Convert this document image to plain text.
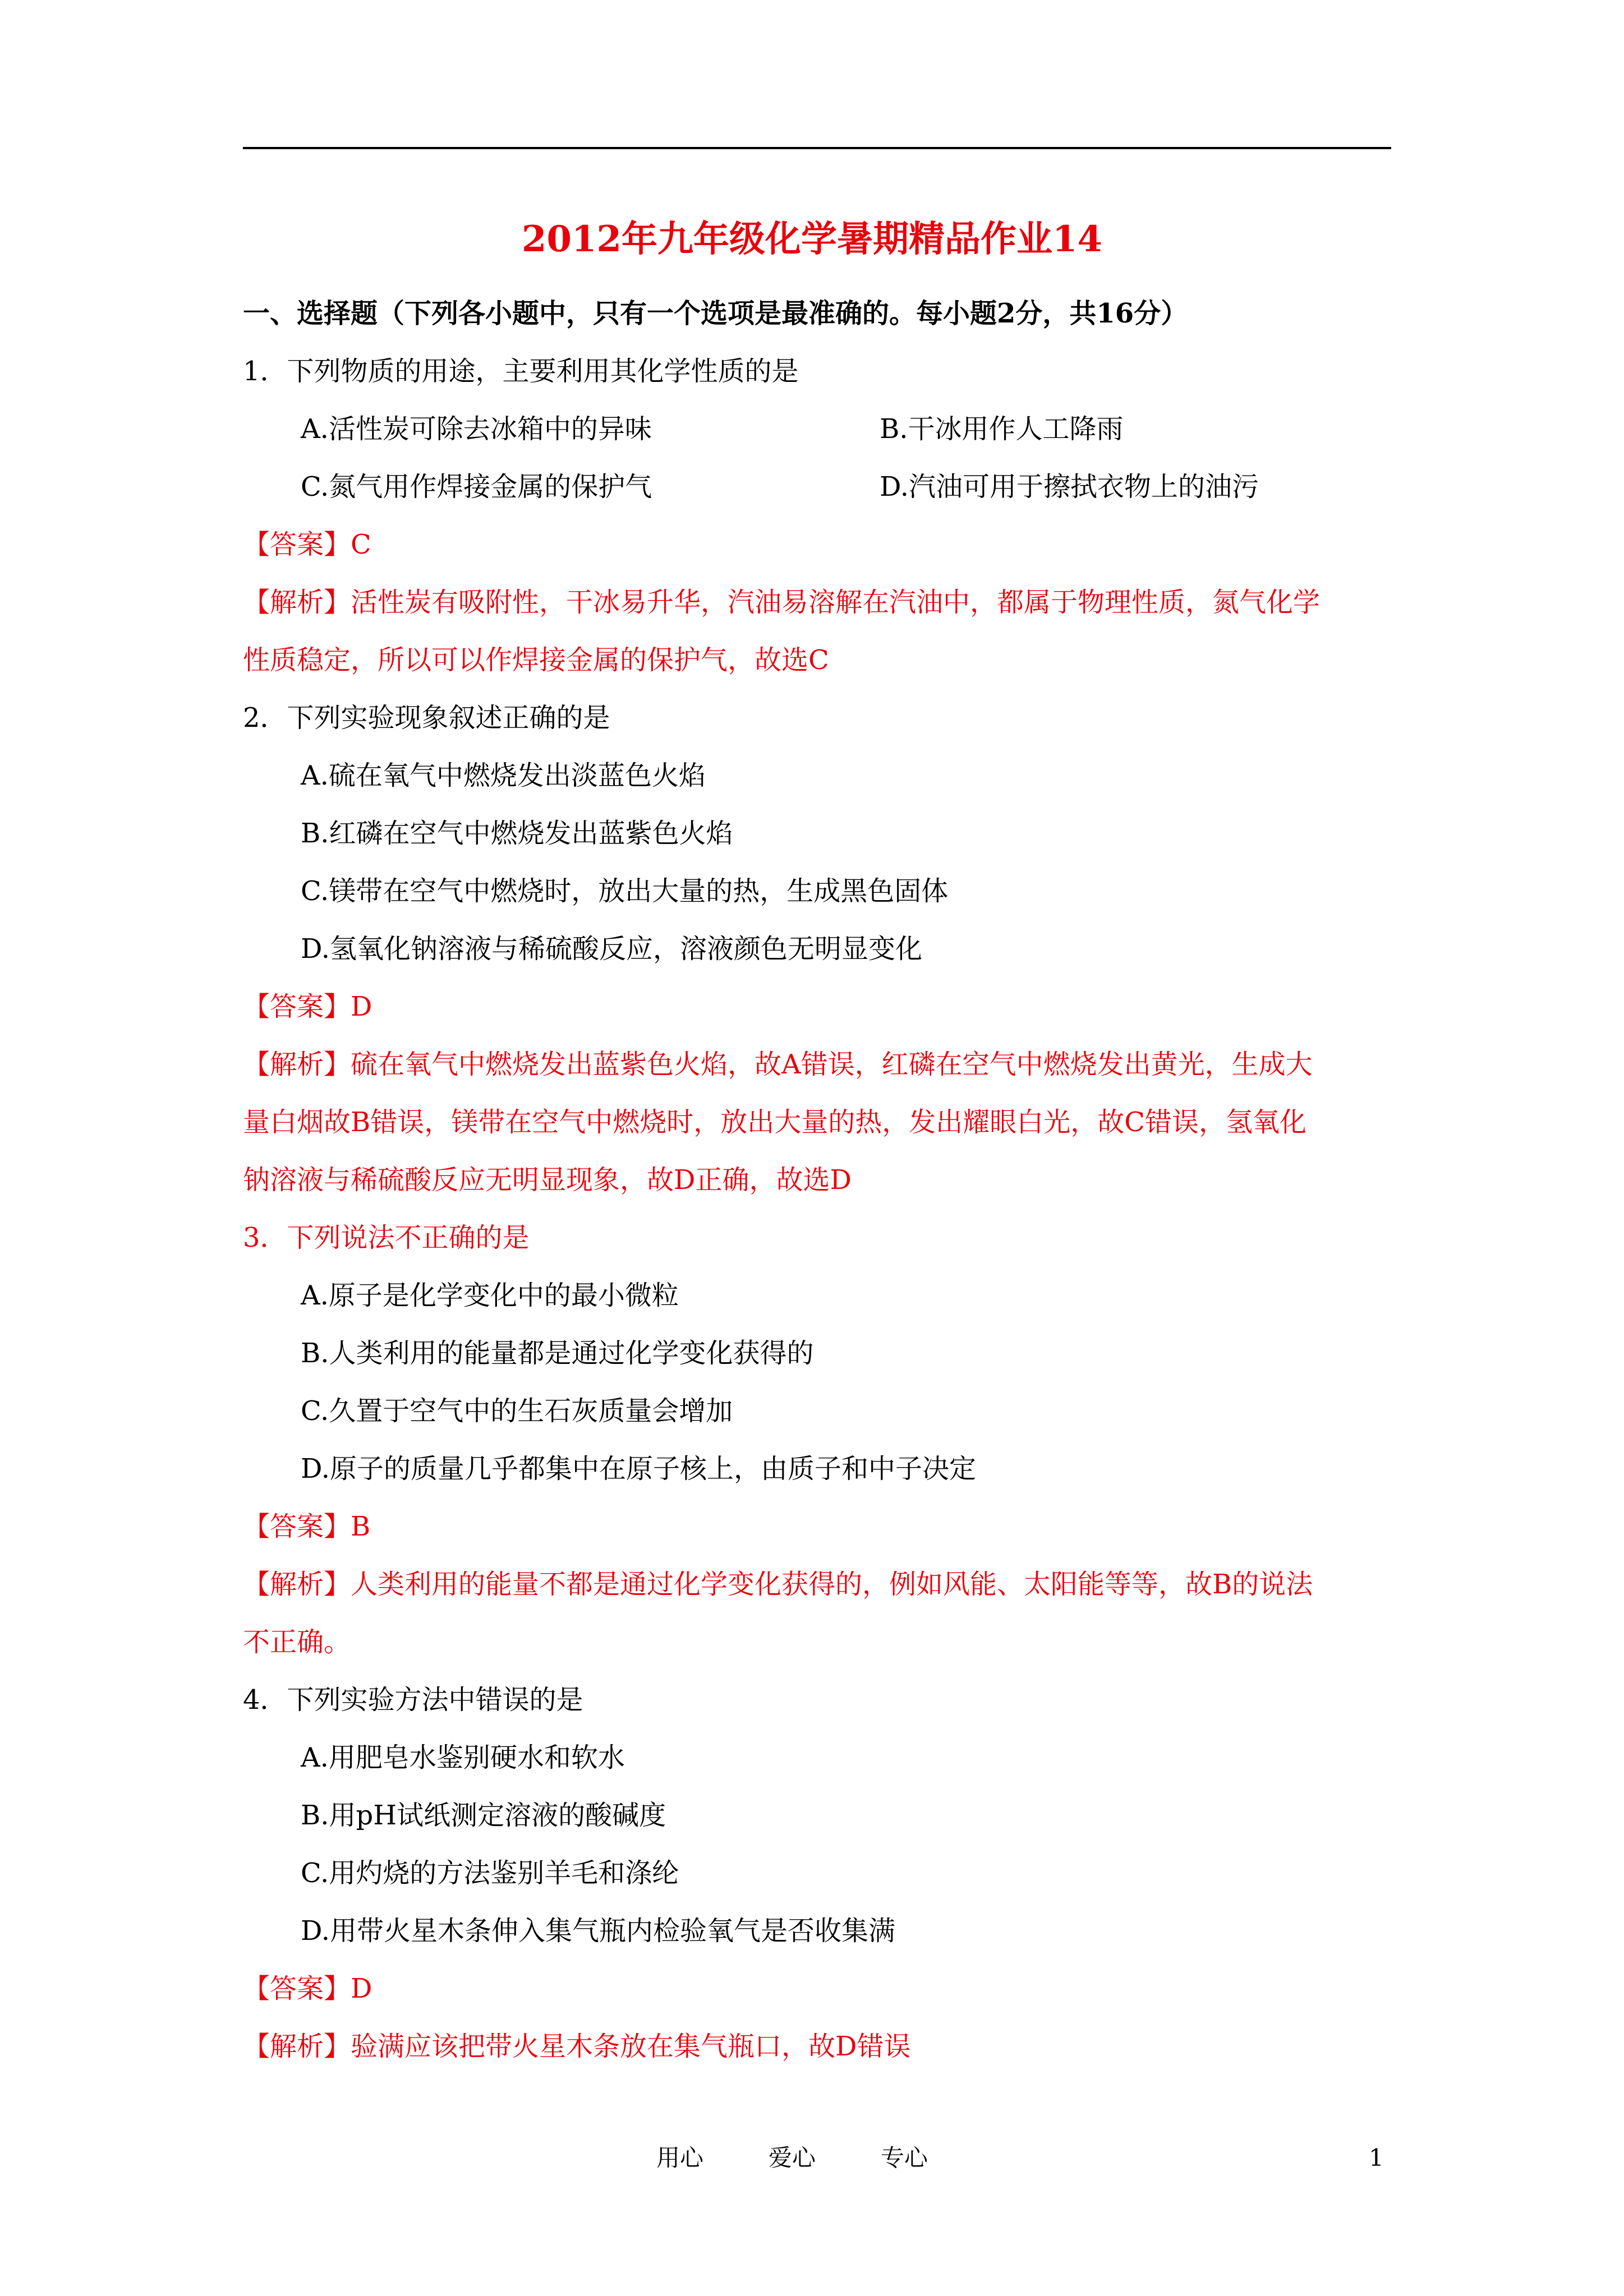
2012年九年级化学暑期精品作业14
一、选择题（下列各小题中，只有一个选项是最准确的。每小题2分，共16分）
1．下列物质的用途，主要利用其化学性质的是
A.活性炭可除去冰箱中的异味	B.干冰用作人工降雨
C.氮气用作焊接金属的保护气	D.汽油可用于擦拭衣物上的油污
【答案】C
【解析】活性炭有吸附性，干冰易升华，汽油易溶解在汽油中，都属于物理性质，氮气化学
性质稳定，所以可以作焊接金属的保护气，故选C
2．下列实验现象叙述正确的是
A.硫在氧气中燃烧发出淡蓝色火焰
B.红磷在空气中燃烧发出蓝紫色火焰
C.镁带在空气中燃烧时，放出大量的热，生成黑色固体
D.氢氧化钠溶液与稀硫酸反应，溶液颜色无明显变化
【答案】D
【解析】硫在氧气中燃烧发出蓝紫色火焰，故A错误，红磷在空气中燃烧发出黄光，生成大
量白烟故B错误，镁带在空气中燃烧时，放出大量的热，发出耀眼白光，故C错误，氢氧化
钠溶液与稀硫酸反应无明显现象，故D正确，故选D
3．下列说法不正确的是
A.原子是化学变化中的最小微粒
B.人类利用的能量都是通过化学变化获得的
C.久置于空气中的生石灰质量会增加
D.原子的质量几乎都集中在原子核上，由质子和中子决定
【答案】B
【解析】人类利用的能量不都是通过化学变化获得的，例如风能、太阳能等等，故B的说法
不正确。
4．下列实验方法中错误的是
A.用肥皂水鉴别硬水和软水
B.用pH试纸测定溶液的酸碱度
C.用灼烧的方法鉴别羊毛和涤纶
D.用带火星木条伸入集气瓶内检验氧气是否收集满
【答案】D
【解析】验满应该把带火星木条放在集气瓶口，故D错误
用心	爱心	专心	1
